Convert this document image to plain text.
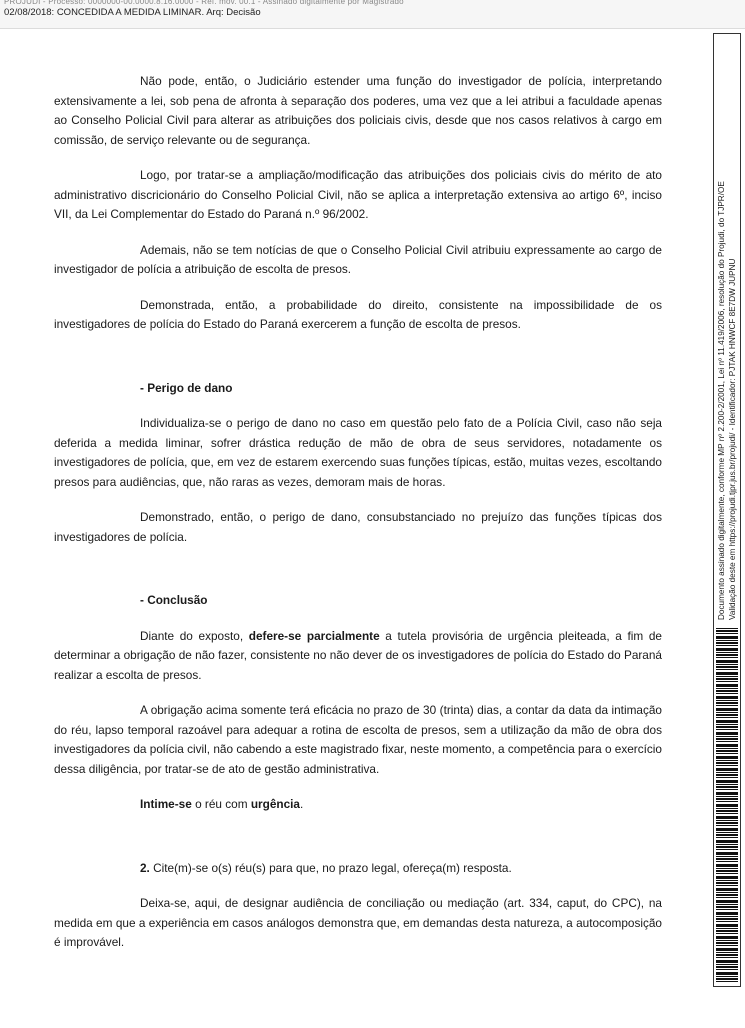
PROJUDI - Processo: 0000000-00.0000.8.16.0000 - Ref. mov. 00.1 - Assinado digitalmente por Magistrado
02/08/2018: CONCEDIDA A MEDIDA LIMINAR. Arq: Decisão

Não pode, então, o Judiciário estender uma função do investigador de polícia, interpretando extensivamente a lei, sob pena de afronta à separação dos poderes, uma vez que a lei atribui a faculdade apenas ao Conselho Policial Civil para alterar as atribuições dos policiais civis, desde que nos casos relativos à cargo em comissão, de serviço relevante ou de segurança.

Logo, por tratar-se a ampliação/modificação das atribuições dos policiais civis do mérito de ato administrativo discricionário do Conselho Policial Civil, não se aplica a interpretação extensiva ao artigo 6º, inciso VII, da Lei Complementar do Estado do Paraná n.º 96/2002.

Ademais, não se tem notícias de que o Conselho Policial Civil atribuiu expressamente ao cargo de investigador de polícia a atribuição de escolta de presos.

Demonstrada, então, a probabilidade do direito, consistente na impossibilidade de os investigadores de polícia do Estado do Paraná exercerem a função de escolta de presos.

- Perigo de dano

Individualiza-se o perigo de dano no caso em questão pelo fato de a Polícia Civil, caso não seja deferida a medida liminar, sofrer drástica redução de mão de obra de seus servidores, notadamente os investigadores de polícia, que, em vez de estarem exercendo suas funções típicas, estão, muitas vezes, escoltando presos para audiências, que, não raras as vezes, demoram mais de horas.

Demonstrado, então, o perigo de dano, consubstanciado no prejuízo das funções típicas dos investigadores de polícia.

- Conclusão

Diante do exposto, defere-se parcialmente a tutela provisória de urgência pleiteada, a fim de determinar a obrigação de não fazer, consistente no não dever de os investigadores de polícia do Estado do Paraná realizar a escolta de presos.

A obrigação acima somente terá eficácia no prazo de 30 (trinta) dias, a contar da data da intimação do réu, lapso temporal razoável para adequar a rotina de escolta de presos, sem a utilização da mão de obra dos investigadores da polícia civil, não cabendo a este magistrado fixar, neste momento, a competência para o exercício dessa diligência, por tratar-se de ato de gestão administrativa.

Intime-se o réu com urgência.

2. Cite(m)-se o(s) réu(s) para que, no prazo legal, ofereça(m) resposta.

Deixa-se, aqui, de designar audiência de conciliação ou mediação (art. 334, caput, do CPC), na medida em que a experiência em casos análogos demonstra que, em demandas desta natureza, a autocomposição é improvável.

Documento assinado digitalmente, conforme MP nº 2.200-2/2001, Lei nº 11.419/2006, resolução do Projudi, do TJPR/OE Validação deste em https://projudi.tjpr.jus.br/projudi/ - Identificador: PJTAK HNWCF 8E7DW JUPNU
